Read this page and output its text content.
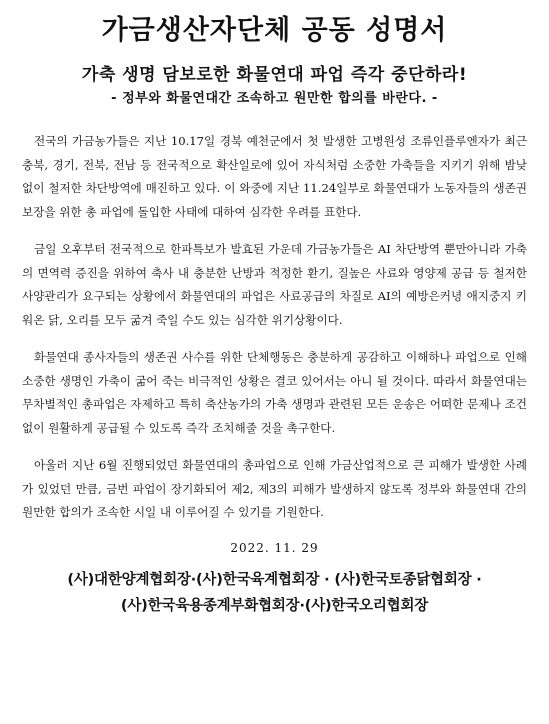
가금생산자단체 공동 성명서
가축 생명 담보로한 화물연대 파업 즉각 중단하라!
- 정부와 화물연대간 조속하고 원만한 합의를 바란다. -

전국의 가금농가들은 지난 10.17일 경북 예천군에서 첫 발생한 고병원성 조류인플루엔자가 최근 충북, 경기, 전북, 전남 등 전국적으로 확산일로에 있어 자식처럼 소중한 가축들을 지키기 위해 밤낮없이 철저한 차단방역에 매진하고 있다. 이 와중에 지난 11.24일부로 화물연대가 노동자들의 생존권 보장을 위한 총 파업에 돌입한 사태에 대하여 심각한 우려를 표한다.

금일 오후부터 전국적으로 한파특보가 발효된 가운데 가금농가들은 AI 차단방역 뿐만아니라 가축의 면역력 증진을 위하여 축사 내 충분한 난방과 적정한 환기, 질높은 사료와 영양제 공급 등 철저한 사양관리가 요구되는 상황에서 화물연대의 파업은 사료공급의 차질로 AI의 예방은커녕 애지중지 키워온 닭, 오리를 모두 굶겨 죽일 수도 있는 심각한 위기상황이다.

화물연대 종사자들의 생존권 사수를 위한 단체행동은 충분하게 공감하고 이해하나 파업으로 인해 소중한 생명인 가축이 굶어 죽는 비극적인 상황은 결코 있어서는 아니 될 것이다. 따라서 화물연대는 무차별적인 총파업은 자제하고 특히 축산농가의 가축 생명과 관련된 모든 운송은 어떠한 문제나 조건없이 원활하게 공급될 수 있도록 즉각 조치해줄 것을 촉구한다.

아울러 지난 6월 진행되었던 화물연대의 총파업으로 인해 가금산업적으로 큰 피해가 발생한 사례가 있었던 만큼, 금번 파업이 장기화되어 제2, 제3의 피해가 발생하지 않도록 정부와 화물연대 간의 원만한 합의가 조속한 시일 내 이루어질 수 있기를 기원한다.

2022. 11. 29
(사)대한양계협회장·(사)한국육계협회장 · (사)한국토종닭협회장 ·
(사)한국육용종계부화협회장·(사)한국오리협회장
